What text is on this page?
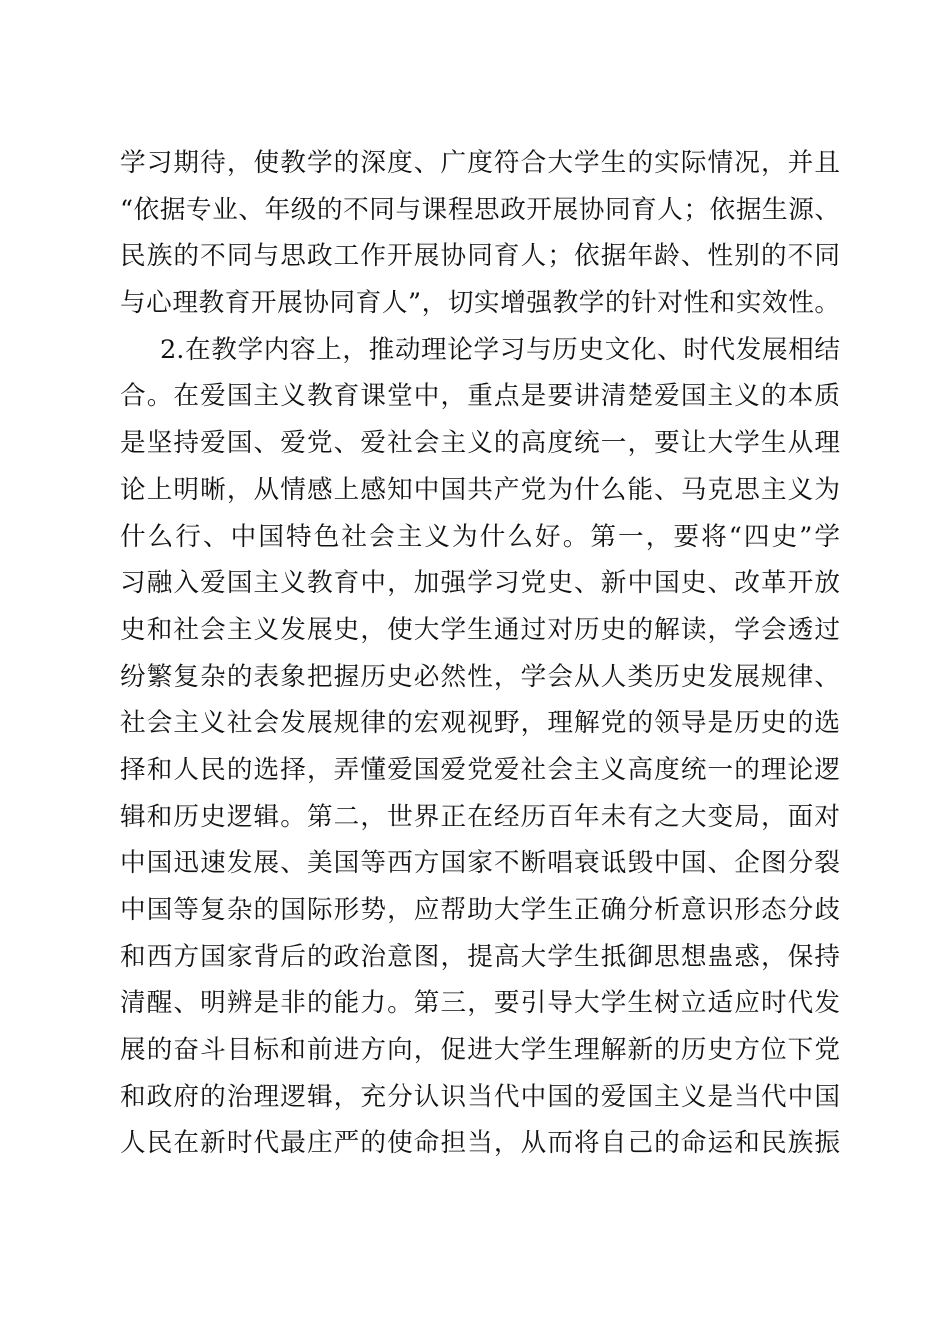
学习期待，使教学的深度、广度符合大学生的实际情况，并且
“依据专业、年级的不同与课程思政开展协同育人；依据生源、
民族的不同与思政工作开展协同育人；依据年龄、性别的不同
与心理教育开展协同育人”，切实增强教学的针对性和实效性。
2.在教学内容上，推动理论学习与历史文化、时代发展相结
合。在爱国主义教育课堂中，重点是要讲清楚爱国主义的本质
是坚持爱国、爱党、爱社会主义的高度统一，要让大学生从理
论上明晰，从情感上感知中国共产党为什么能、马克思主义为
什么行、中国特色社会主义为什么好。第一，要将“四史”学
习融入爱国主义教育中，加强学习党史、新中国史、改革开放
史和社会主义发展史，使大学生通过对历史的解读，学会透过
纷繁复杂的表象把握历史必然性，学会从人类历史发展规律、
社会主义社会发展规律的宏观视野，理解党的领导是历史的选
择和人民的选择，弄懂爱国爱党爱社会主义高度统一的理论逻
辑和历史逻辑。第二，世界正在经历百年未有之大变局，面对
中国迅速发展、美国等西方国家不断唱衰诋毁中国、企图分裂
中国等复杂的国际形势，应帮助大学生正确分析意识形态分歧
和西方国家背后的政治意图，提高大学生抵御思想蛊惑，保持
清醒、明辨是非的能力。第三，要引导大学生树立适应时代发
展的奋斗目标和前进方向，促进大学生理解新的历史方位下党
和政府的治理逻辑，充分认识当代中国的爱国主义是当代中国
人民在新时代最庄严的使命担当，从而将自己的命运和民族振
